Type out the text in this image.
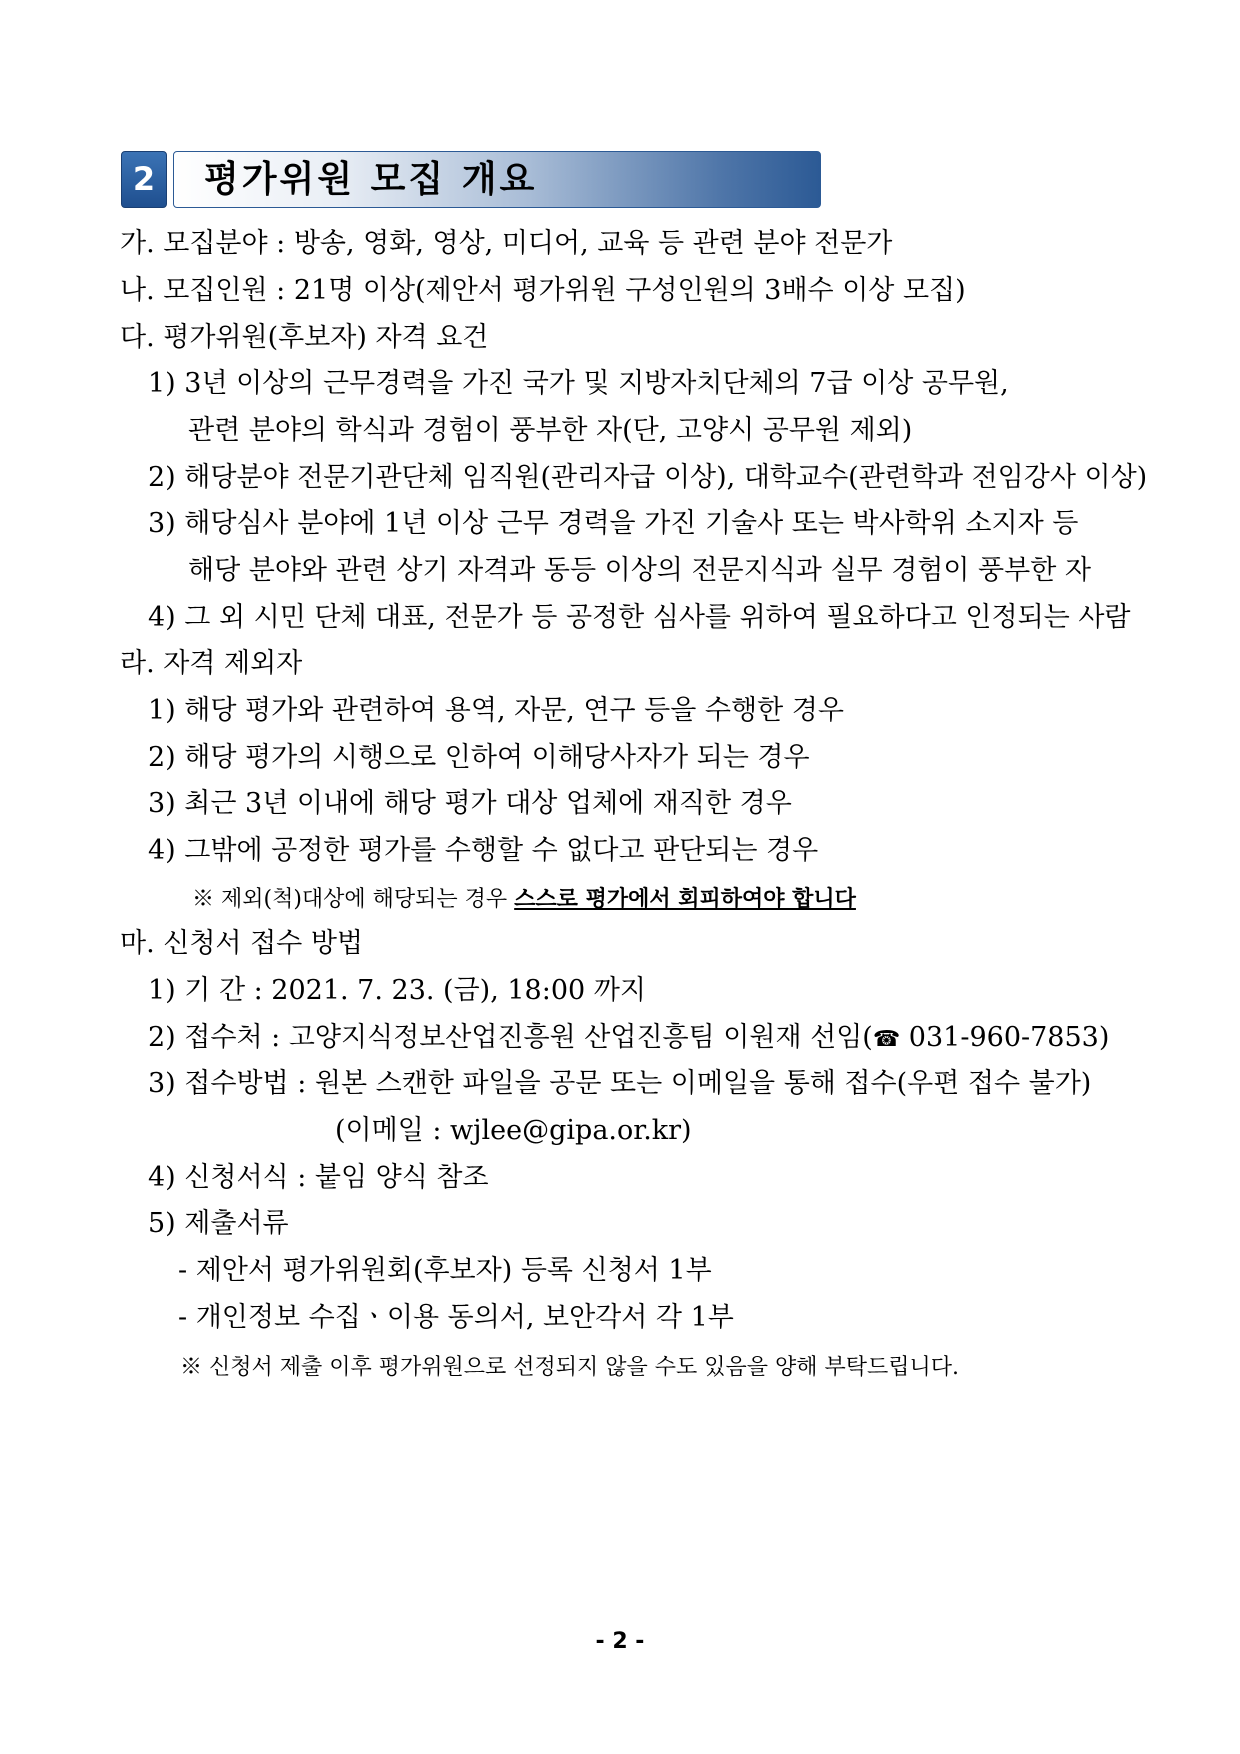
2	평가위원 모집 개요
가. 모집분야 : 방송, 영화, 영상, 미디어, 교육 등 관련 분야 전문가
나. 모집인원 : 21명 이상(제안서 평가위원 구성인원의 3배수 이상 모집)
다. 평가위원(후보자) 자격 요건
1) 3년 이상의 근무경력을 가진 국가 및 지방자치단체의 7급 이상 공무원,
관련 분야의 학식과 경험이 풍부한 자(단, 고양시 공무원 제외)
2) 해당분야 전문기관단체 임직원(관리자급 이상), 대학교수(관련학과 전임강사 이상)
3) 해당심사 분야에 1년 이상 근무 경력을 가진 기술사 또는 박사학위 소지자 등
해당 분야와 관련 상기 자격과 동등 이상의 전문지식과 실무 경험이 풍부한 자
4) 그 외 시민 단체 대표, 전문가 등 공정한 심사를 위하여 필요하다고 인정되는 사람
라. 자격 제외자
1) 해당 평가와 관련하여 용역, 자문, 연구 등을 수행한 경우
2) 해당 평가의 시행으로 인하여 이해당사자가 되는 경우
3) 최근 3년 이내에 해당 평가 대상 업체에 재직한 경우
4) 그밖에 공정한 평가를 수행할 수 없다고 판단되는 경우
※ 제외(척)대상에 해당되는 경우 스스로 평가에서 회피하여야 합니다
마. 신청서 접수 방법
1) 기 간 : 2021. 7. 23. (금), 18:00 까지
2) 접수처 : 고양지식정보산업진흥원 산업진흥팀 이원재 선임(☎ 031-960-7853)
3) 접수방법 : 원본 스캔한 파일을 공문 또는 이메일을 통해 접수(우편 접수 불가)
(이메일 : wjlee@gipa.or.kr)
4) 신청서식 : 붙임 양식 참조
5) 제출서류
- 제안서 평가위원회(후보자) 등록 신청서 1부
- 개인정보 수집ㆍ이용 동의서, 보안각서 각 1부
※ 신청서 제출 이후 평가위원으로 선정되지 않을 수도 있음을 양해 부탁드립니다.
- 2 -
